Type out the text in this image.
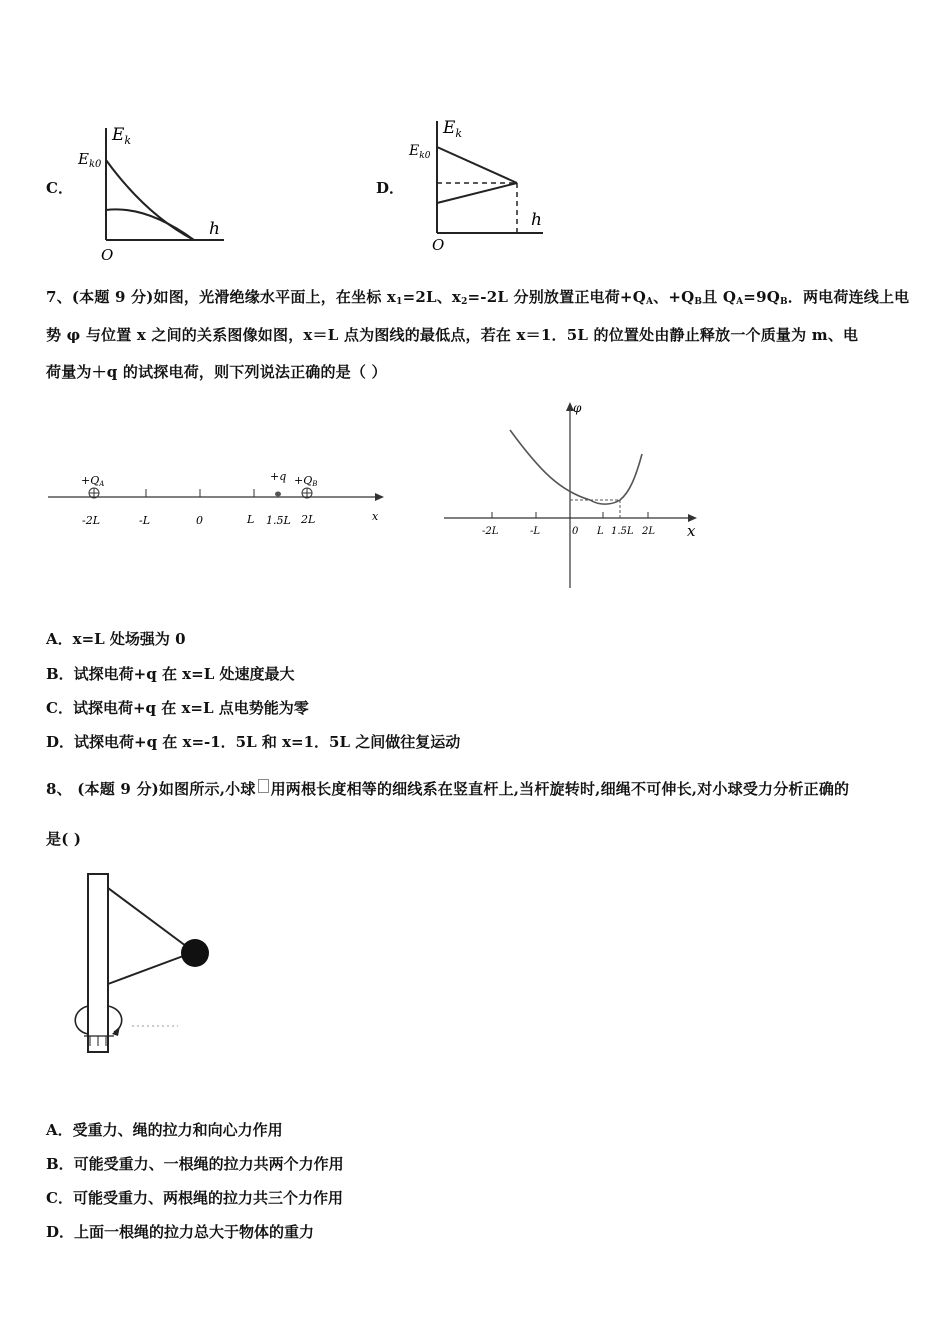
C．
$E_k$
$E_{k0}$
h
O
D．
$E_k$
$E_{k0}$
h
O
7、(本题 9 分)如图，光滑绝缘水平面上，在坐标 $x_1=2L$、$x_2=-2L$ 分别放置正电荷$+Q_A$、$+Q_B$且 $Q_A=9Q_B$．两电荷连线上电
势 φ 与位置 x 之间的关系图像如图，x＝L 点为图线的最低点，若在 x＝1．5L 的位置处由静止释放一个质量为 m、电
荷量为＋q 的试探电荷，则下列说法正确的是（ ）
+QA
+q +QB
-2L	-L	0	L 1.5L 2L	x
φ
-2L	-L	0 L 1.5L 2L x
A．x=L 处场强为 0
B．试探电荷+q 在 x=L 处速度最大
C．试探电荷+q 在 x=L 点电势能为零
D．试探电荷+q 在 x=-1．5L 和 x=1．5L 之间做往复运动
8、 (本题 9 分)如图所示,小球 用两根长度相等的细线系在竖直杆上,当杆旋转时,细绳不可伸长,对小球受力分析正确的
是( )
A．受重力、绳的拉力和向心力作用
B．可能受重力、一根绳的拉力共两个力作用
C．可能受重力、两根绳的拉力共三个力作用
D．上面一根绳的拉力总大于物体的重力
